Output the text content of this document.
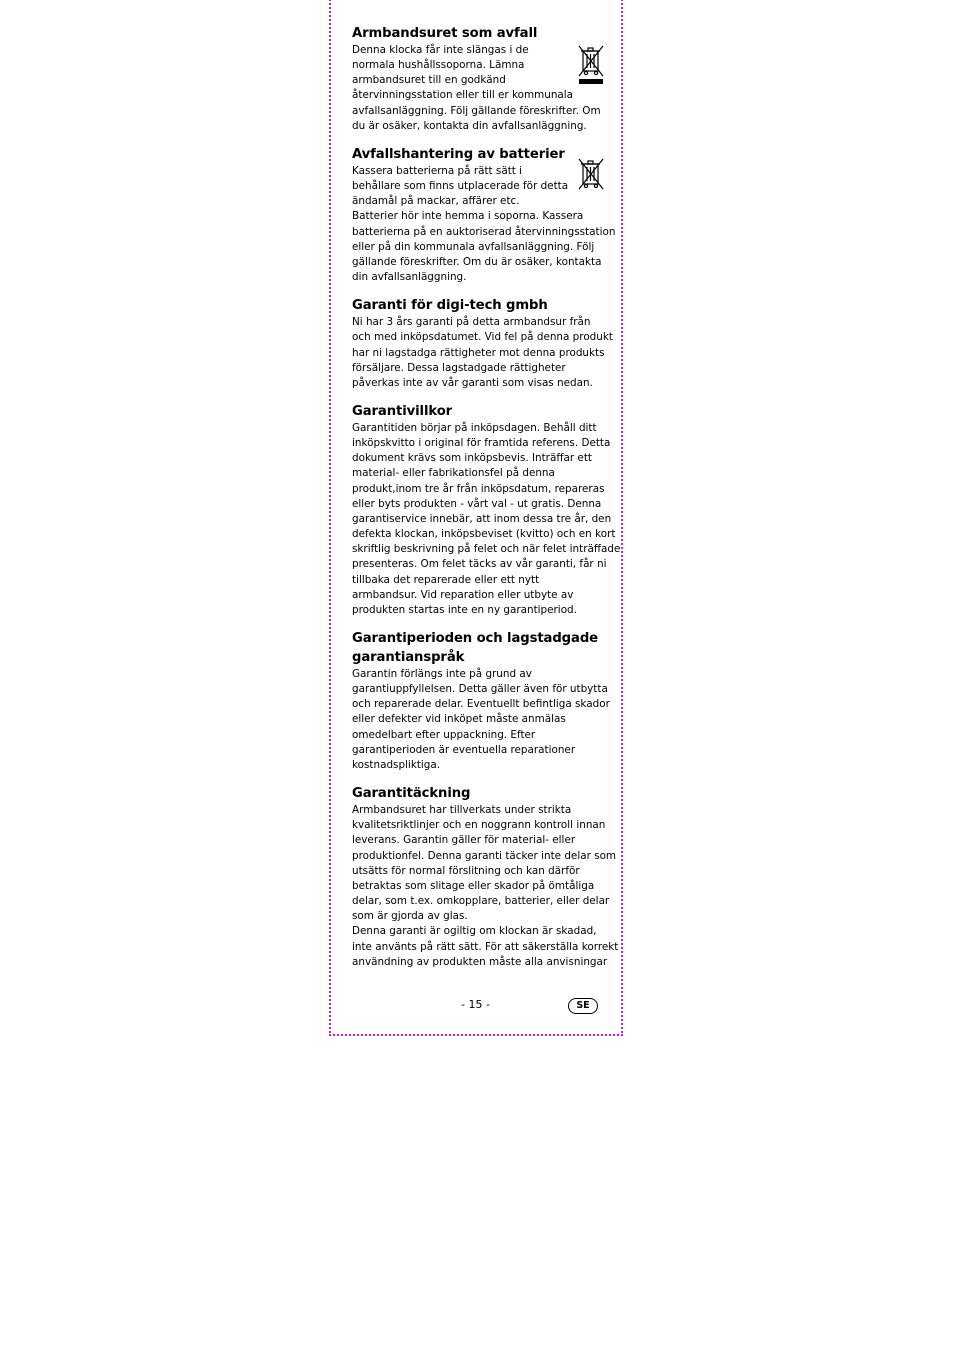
Armbandsuret som avfall

Denna klocka får inte slängas i de
normala hushållssoporna. Lämna
armbandsuret till en godkänd
återvinningsstation eller till er kommunala
avfallsanläggning. Följ gällande föreskrifter. Om
du är osäker, kontakta din avfallsanläggning.

Avfallshantering av batterier

Kassera batterierna på rätt sätt i
behållare som finns utplacerade för detta
ändamål på mackar, affärer etc.
Batterier hör inte hemma i soporna. Kassera
batterierna på en auktoriserad återvinningsstation
eller på din kommunala avfallsanläggning. Följ
gällande föreskrifter. Om du är osäker, kontakta
din avfallsanläggning.

Garanti för digi-tech gmbh

Ni har 3 års garanti på detta armbandsur från
och med inköpsdatumet. Vid fel på denna produkt
har ni lagstadga rättigheter mot denna produkts
försäljare. Dessa lagstadgade rättigheter
påverkas inte av vår garanti som visas nedan.

Garantivillkor

Garantitiden börjar på inköpsdagen. Behåll ditt
inköpskvitto i original för framtida referens. Detta
dokument krävs som inköpsbevis. Inträffar ett
material- eller fabrikationsfel på denna
produkt,inom tre år från inköpsdatum, repareras
eller byts produkten - vårt val - ut gratis. Denna
garantiservice innebär, att inom dessa tre år, den
defekta klockan, inköpsbeviset (kvitto) och en kort
skriftlig beskrivning på felet och när felet inträffade
presenteras. Om felet täcks av vår garanti, får ni
tillbaka det reparerade eller ett nytt
armbandsur. Vid reparation eller utbyte av
produkten startas inte en ny garantiperiod.

Garantiperioden och lagstadgade
garantianspråk

Garantin förlängs inte på grund av
garantiuppfyllelsen. Detta gäller även för utbytta
och reparerade delar. Eventuellt befintliga skador
eller defekter vid inköpet måste anmälas
omedelbart efter uppackning. Efter
garantiperioden är eventuella reparationer
kostnadspliktiga.

Garantitäckning

Armbandsuret har tillverkats under strikta
kvalitetsriktlinjer och en noggrann kontroll innan
leverans. Garantin gäller för material- eller
produktionfel. Denna garanti täcker inte delar som
utsätts för normal förslitning och kan därför
betraktas som slitage eller skador på ömtåliga
delar, som t.ex. omkopplare, batterier, eller delar
som är gjorda av glas.
Denna garanti är ogiltig om klockan är skadad,
inte använts på rätt sätt. För att säkerställa korrekt
användning av produkten måste alla anvisningar

- 15 -	SE
